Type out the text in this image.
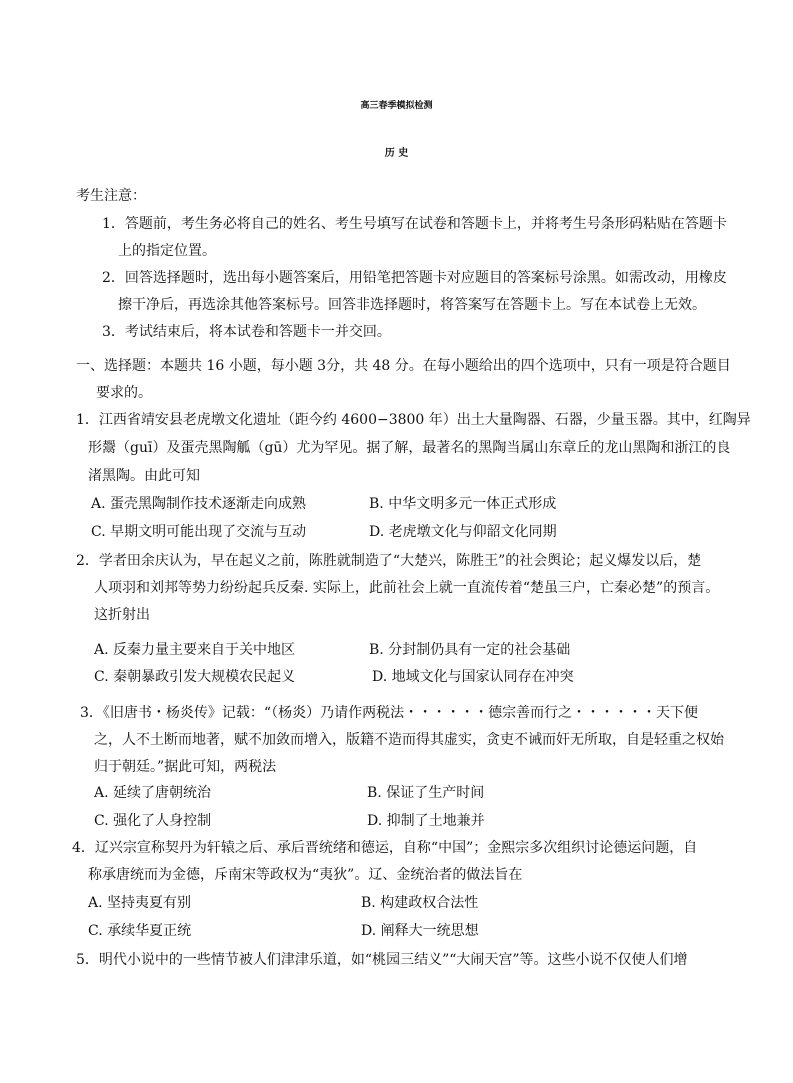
高三春季模拟检测
历 史
考生注意：
1．答题前，考生务必将自己的姓名、考生号填写在试卷和答题卡上，并将考生号条形码粘贴在答题卡
上的指定位置。
2．回答选择题时，选出每小题答案后，用铅笔把答题卡对应题目的答案标号涂黑。如需改动，用橡皮
擦干净后，再选涂其他答案标号。回答非选择题时，将答案写在答题卡上。写在本试卷上无效。
3．考试结束后，将本试卷和答题卡一并交回。
一、选择题：本题共 16 小题，每小题 3分，共 48 分。在每小题给出的四个选项中，只有一项是符合题目
要求的。
1．江西省靖安县老虎墩文化遗址（距今约 4600−3800 年）出土大量陶器、石器，少量玉器。其中，红陶异
形鬶（guī）及蛋壳黑陶觚（gū）尤为罕见。据了解，最著名的黑陶当属山东章丘的龙山黑陶和浙江的良
渚黑陶。由此可知
A. 蛋壳黑陶制作技术逐渐走向成熟	B. 中华文明多元一体正式形成
C. 早期文明可能出现了交流与互动	D. 老虎墩文化与仰韶文化同期
2．学者田余庆认为，早在起义之前，陈胜就制造了“大楚兴，陈胜王”的社会舆论；起义爆发以后，楚
人项羽和刘邦等势力纷纷起兵反秦. 实际上，此前社会上就一直流传着“楚虽三户，亡秦必楚”的预言。
这折射出
A. 反秦力量主要来自于关中地区	B. 分封制仍具有一定的社会基础
C. 秦朝暴政引发大规模农民起义	D. 地域文化与国家认同存在冲突
3．《旧唐书・杨炎传》记载：“（杨炎）乃请作两税法・・・・・・德宗善而行之・・・・・・天下便
之，人不土断而地著，赋不加敛而增入，版籍不造而得其虚实，贪吏不诫而奸无所取，自是轻重之权始
归于朝廷。”据此可知，两税法
A. 延续了唐朝统治	B. 保证了生产时间
C. 强化了人身控制	D. 抑制了土地兼并
4．辽兴宗宣称契丹为轩辕之后、承后晋统绪和德运，自称“中国”；金熙宗多次组织讨论德运问题，自
称承唐统而为金德，斥南宋等政权为“夷狄”。辽、金统治者的做法旨在
A. 坚持夷夏有别	B. 构建政权合法性
C. 承续华夏正统	D. 阐释大一统思想
5．明代小说中的一些情节被人们津津乐道，如“桃园三结义”“大闹天宫”等。这些小说不仅使人们增
